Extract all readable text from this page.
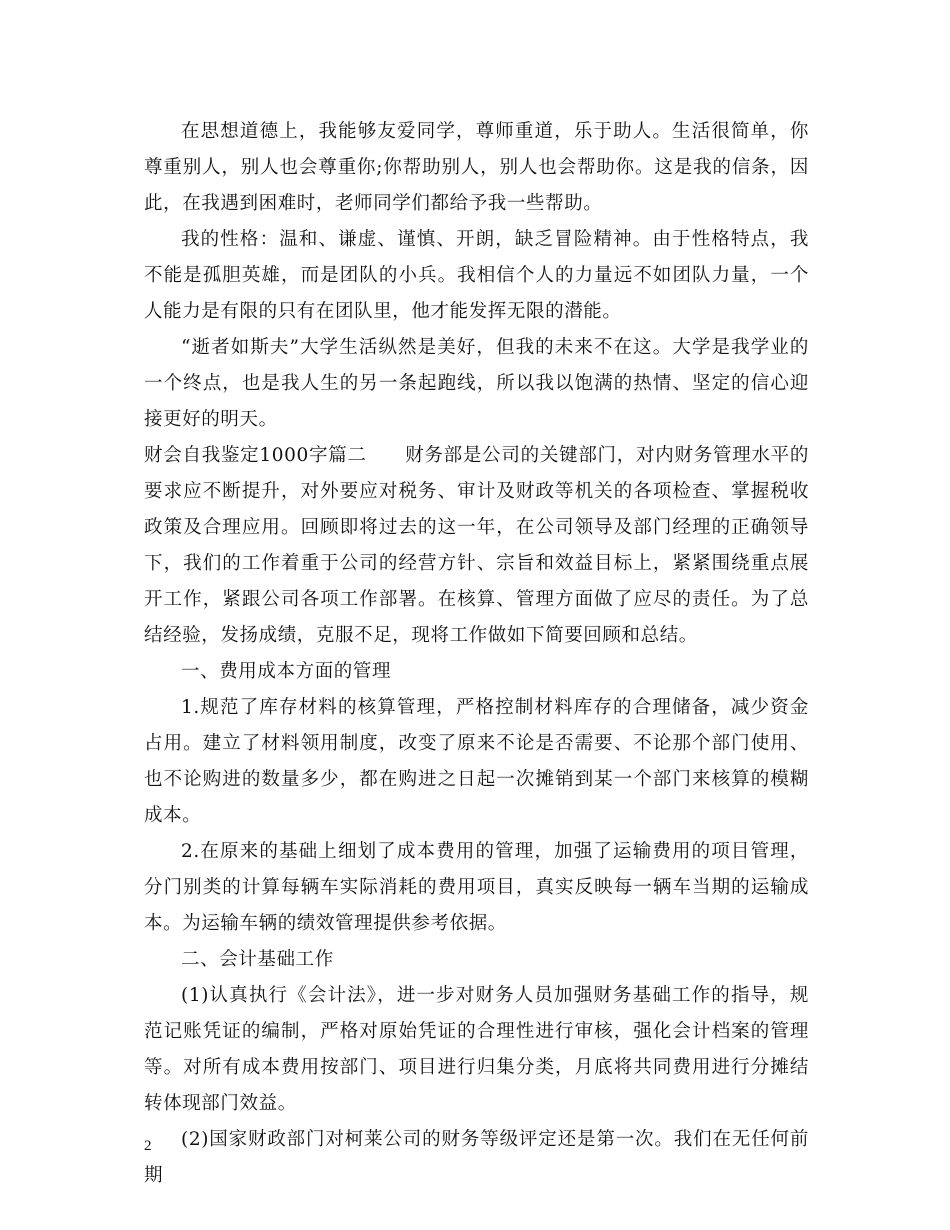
在思想道德上，我能够友爱同学，尊师重道，乐于助人。生活很简单，你尊重别人，别人也会尊重你;你帮助别人，别人也会帮助你。这是我的信条，因此，在我遇到困难时，老师同学们都给予我一些帮助。

我的性格：温和、谦虚、谨慎、开朗，缺乏冒险精神。由于性格特点，我不能是孤胆英雄，而是团队的小兵。我相信个人的力量远不如团队力量，一个人能力是有限的只有在团队里，他才能发挥无限的潜能。

“逝者如斯夫”大学生活纵然是美好，但我的未来不在这。大学是我学业的一个终点，也是我人生的另一条起跑线，所以我以饱满的热情、坚定的信心迎接更好的明天。

财会自我鉴定1000字篇二　　财务部是公司的关键部门，对内财务管理水平的要求应不断提升，对外要应对税务、审计及财政等机关的各项检查、掌握税收政策及合理应用。回顾即将过去的这一年，在公司领导及部门经理的正确领导下，我们的工作着重于公司的经营方针、宗旨和效益目标上，紧紧围绕重点展开工作，紧跟公司各项工作部署。在核算、管理方面做了应尽的责任。为了总结经验，发扬成绩，克服不足，现将工作做如下简要回顾和总结。

一、费用成本方面的管理

1.规范了库存材料的核算管理，严格控制材料库存的合理储备，减少资金占用。建立了材料领用制度，改变了原来不论是否需要、不论那个部门使用、也不论购进的数量多少，都在购进之日起一次摊销到某一个部门来核算的模糊成本。

2.在原来的基础上细划了成本费用的管理，加强了运输费用的项目管理，分门别类的计算每辆车实际消耗的费用项目，真实反映每一辆车当期的运输成本。为运输车辆的绩效管理提供参考依据。

二、会计基础工作

(1)认真执行《会计法》，进一步对财务人员加强财务基础工作的指导，规范记账凭证的编制，严格对原始凭证的合理性进行审核，强化会计档案的管理等。对所有成本费用按部门、项目进行归集分类，月底将共同费用进行分摊结转体现部门效益。

(2)国家财政部门对柯莱公司的财务等级评定还是第一次。我们在无任何前期

2
